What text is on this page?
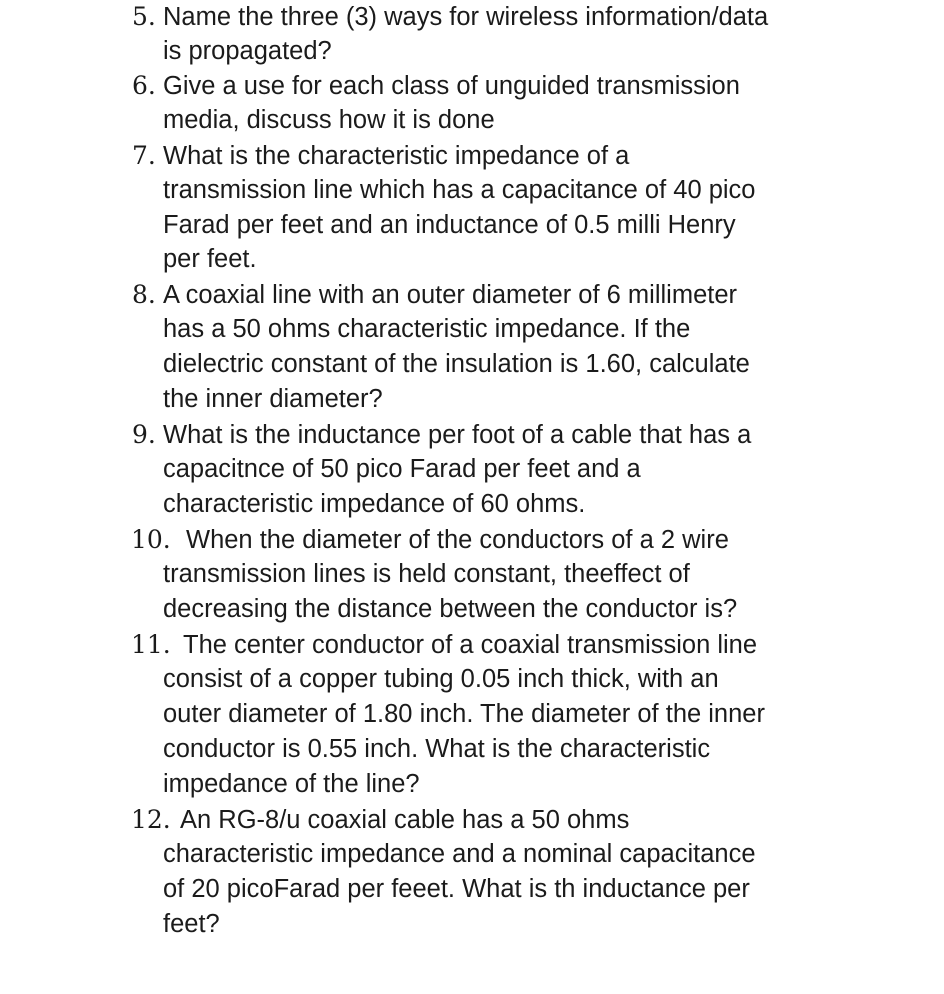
5. Name the three (3) ways for wireless information/data
is propagated?
6. Give a use for each class of unguided transmission
media, discuss how it is done
7. What is the characteristic impedance of a
transmission line which has a capacitance of 40 pico
Farad per feet and an inductance of 0.5 milli Henry
per feet.
8. A coaxial line with an outer diameter of 6 millimeter
has a 50 ohms characteristic impedance. If the
dielectric constant of the insulation is 1.60, calculate
the inner diameter?
9. What is the inductance per foot of a cable that has a
capacitnce of 50 pico Farad per feet and a
characteristic impedance of 60 ohms.
10. When the diameter of the conductors of a 2 wire
transmission lines is held constant, theeffect of
decreasing the distance between the conductor is?
11. The center conductor of a coaxial transmission line
consist of a copper tubing 0.05 inch thick, with an
outer diameter of 1.80 inch. The diameter of the inner
conductor is 0.55 inch. What is the characteristic
impedance of the line?
12. An RG-8/u coaxial cable has a 50 ohms
characteristic impedance and a nominal capacitance
of 20 picoFarad per feeet. What is th inductance per
feet?
